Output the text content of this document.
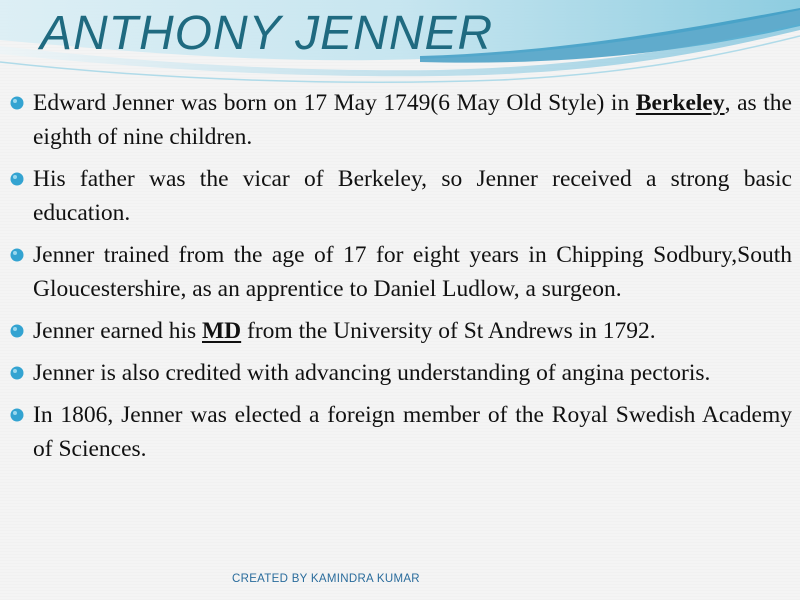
ANTHONY JENNER
Edward Jenner was born on 17 May 1749(6 May Old Style) in Berkeley, as the eighth of nine children.
His father was the vicar of Berkeley, so Jenner received a strong basic education.
Jenner trained from the age of 17 for eight years in Chipping Sodbury,South Gloucestershire, as an apprentice to Daniel Ludlow, a surgeon.
Jenner earned his MD from the University of St Andrews in 1792.
Jenner is also credited with advancing understanding of angina pectoris.
In 1806, Jenner was elected a foreign member of the Royal Swedish Academy of Sciences.
CREATED BY KAMINDRA KUMAR
